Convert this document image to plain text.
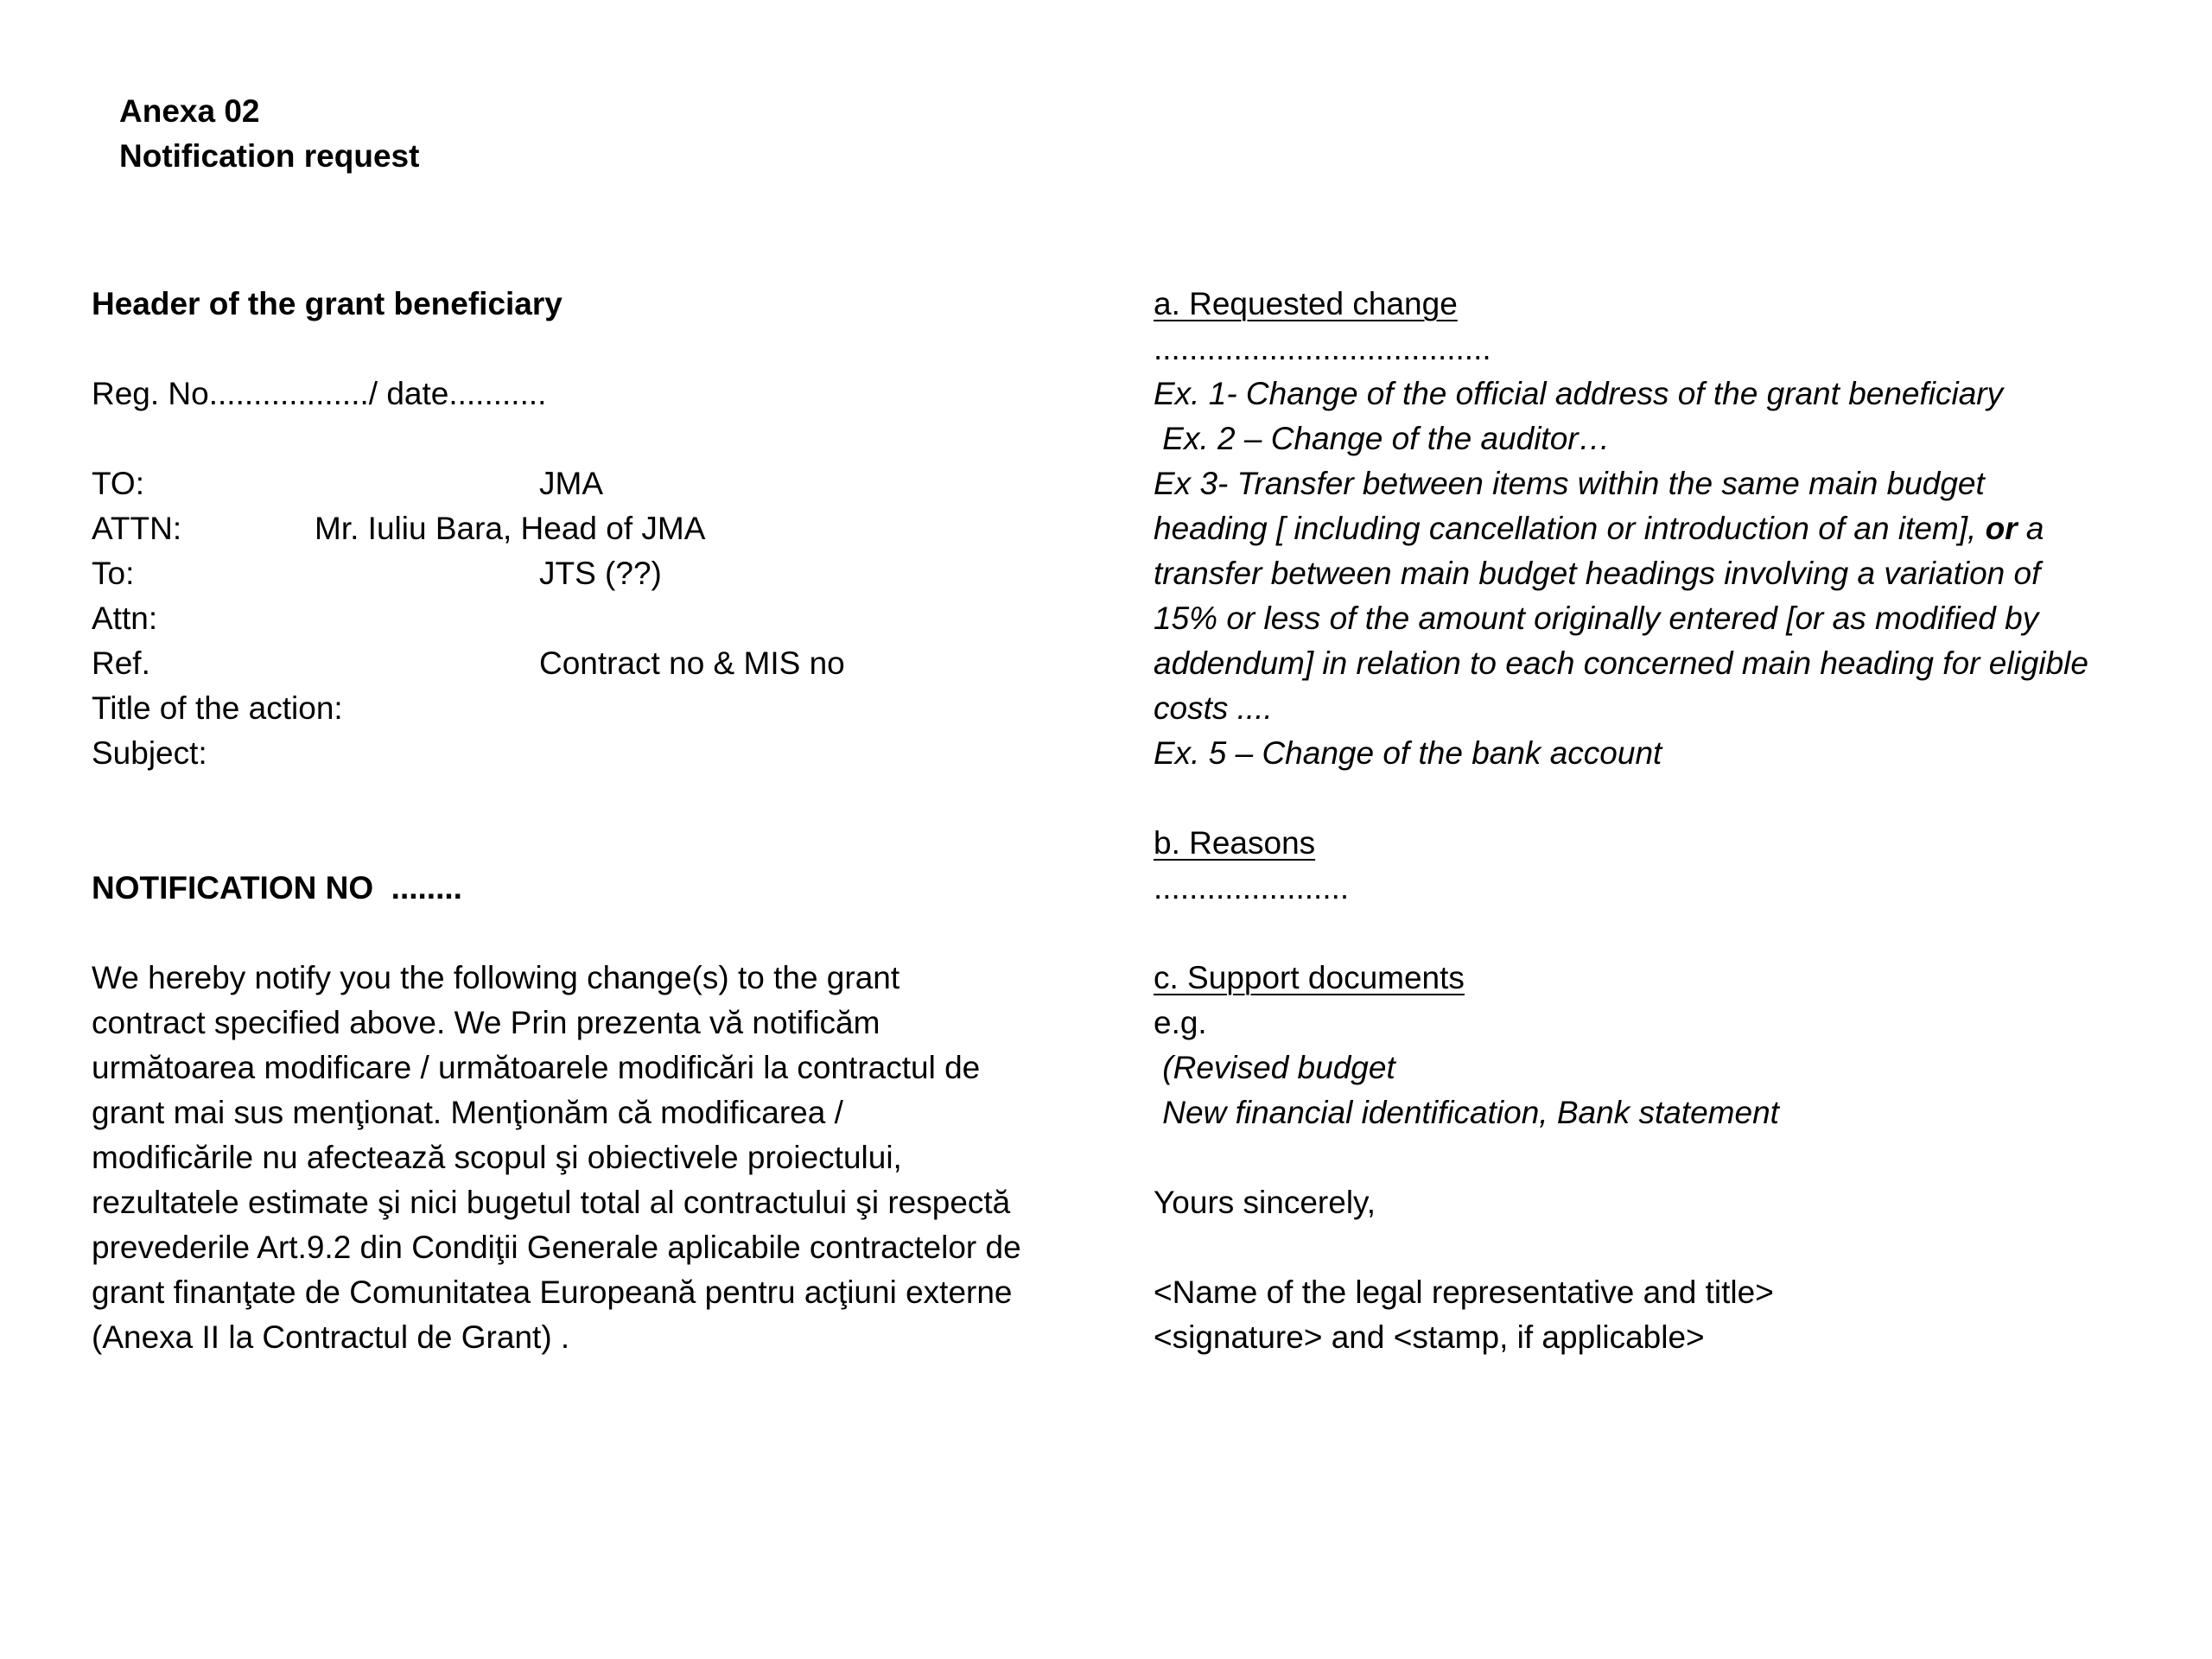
Anexa 02
Notification request
Header of the grant beneficiary
Reg. No................../ date...........
TO:	JMA
ATTN:	Mr. Iuliu Bara, Head of JMA
To:	JTS (??)
Attn:
Ref.	Contract no & MIS no
Title of the action:
Subject:
NOTIFICATION NO  ........
We hereby notify you the following change(s) to the grant
contract specified above. We Prin prezenta vă notificăm
următoarea modificare / următoarele modificări la contractul de
grant mai sus menţionat. Menţionăm că modificarea /
modificările nu afectează scopul şi obiectivele proiectului,
rezultatele estimate şi nici bugetul total al contractului şi respectă
prevederile Art.9.2 din Condiţii Generale aplicabile contractelor de
grant finanţate de Comunitatea Europeană pentru acţiuni externe
(Anexa II la Contractul de Grant) .
a. Requested change
......................................
Ex. 1- Change of the official address of the grant beneficiary
Ex. 2 – Change of the auditor…
Ex 3- Transfer between items within the same main budget
heading [ including cancellation or introduction of an item], or a
transfer between main budget headings involving a variation of
15% or less of the amount originally entered [or as modified by
addendum] in relation to each concerned main heading for eligible
costs ....
Ex. 5 – Change of the bank account
b. Reasons
......................
c. Support documents
e.g.
(Revised budget
New financial identification, Bank statement
Yours sincerely,
<Name of the legal representative and title>
<signature> and <stamp, if applicable>
